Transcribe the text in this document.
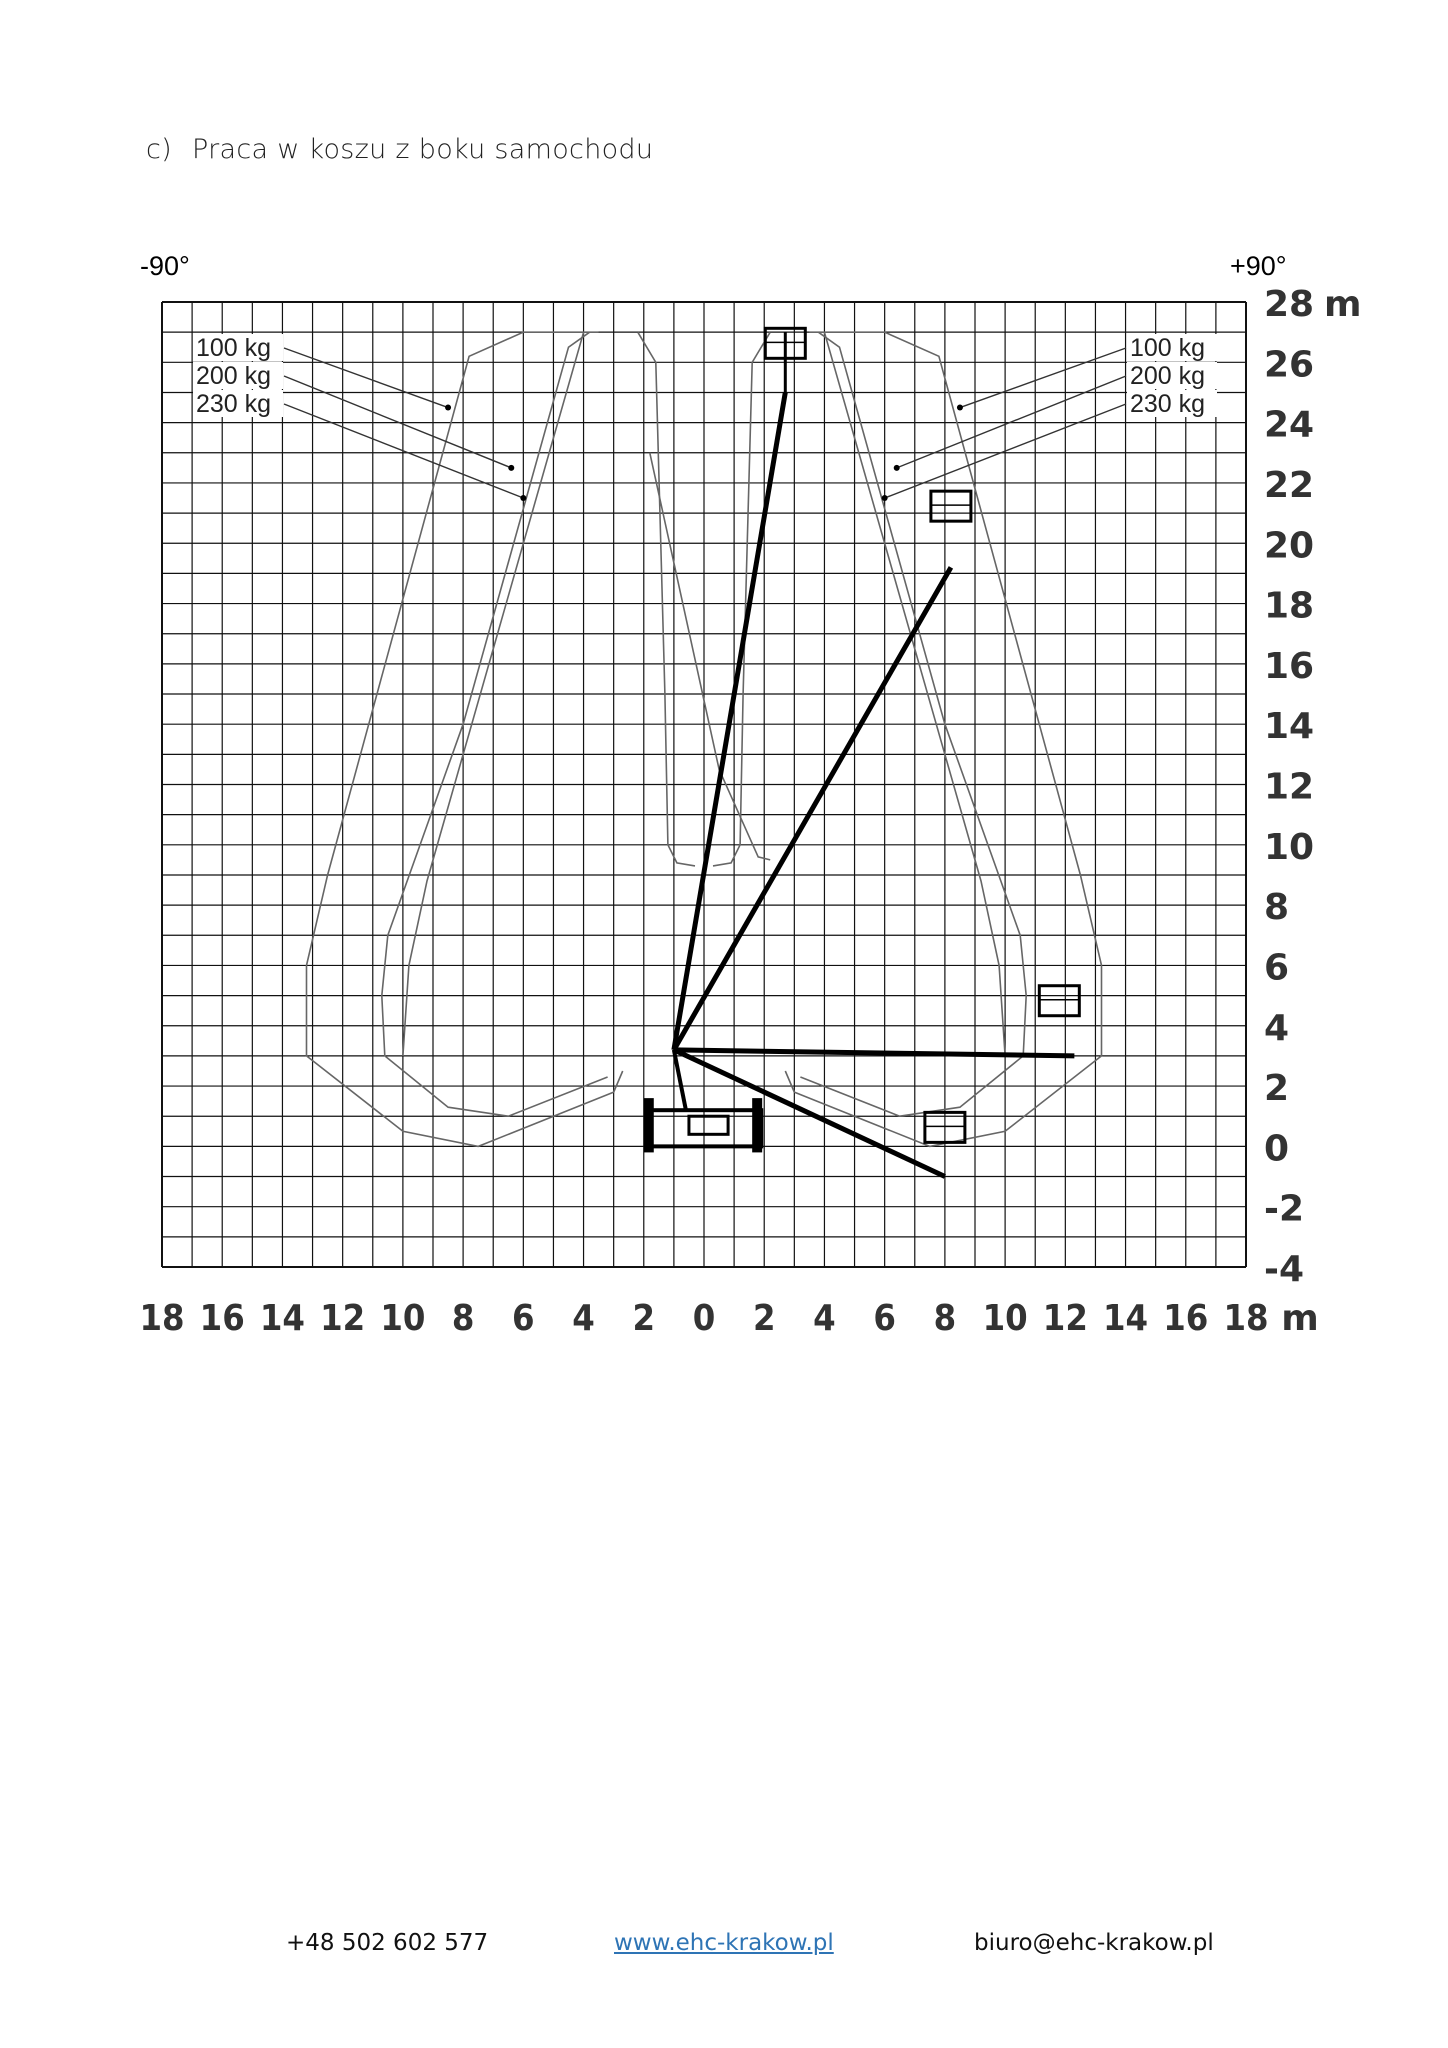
c) Praca w koszu z boku samochodu
-90°	+90°
18 16 14 12 10 8 6 4 2 0 2 4 6 8 10 12 14 16 18 m
28
26
24
22
20
18
16
14
12
10
8
6
4
2
0
-2
-4
m
100 kg
200 kg
230 kg
100 kg
200 kg
230 kg
+48 502 602 577	www.ehc-krakow.pl	biuro@ehc-krakow.pl
